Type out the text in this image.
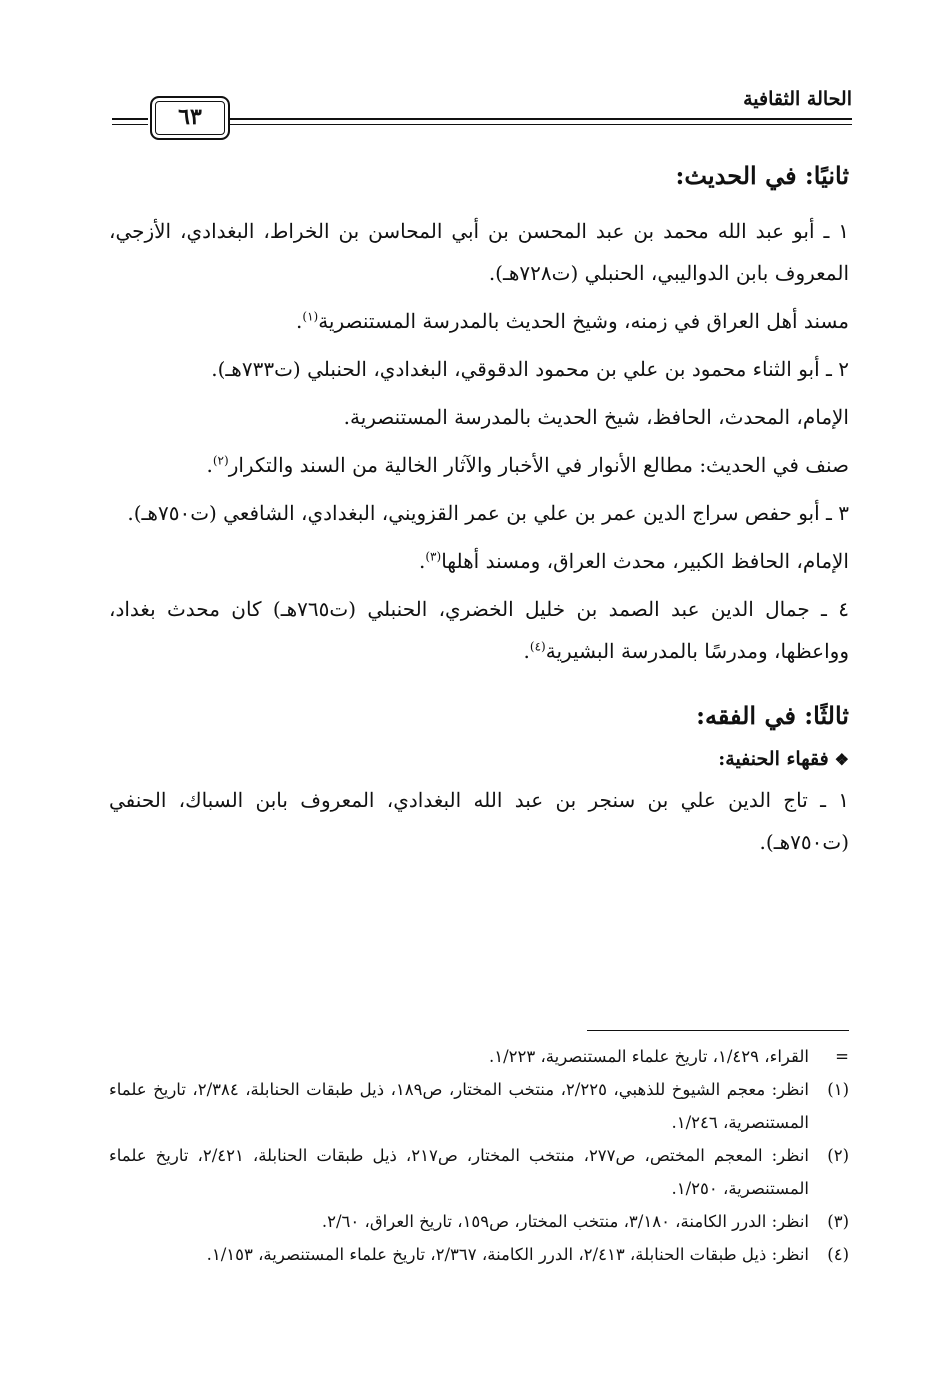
الحالة الثقافية
٦٣
ثانيًا: في الحديث:

١ ـ أبو عبد الله محمد بن عبد المحسن بن أبي المحاسن بن الخراط، البغدادي، الأزجي، المعروف بابن الدواليبي، الحنبلي (ت٧٢٨هـ).

مسند أهل العراق في زمنه، وشيخ الحديث بالمدرسة المستنصرية$^{(١)}$.

٢ ـ أبو الثناء محمود بن علي بن محمود الدقوقي، البغدادي، الحنبلي (ت٧٣٣هـ).

الإمام، المحدث، الحافظ، شيخ الحديث بالمدرسة المستنصرية.

صنف في الحديث: مطالع الأنوار في الأخبار والآثار الخالية من السند والتكرار$^{(٢)}$.

٣ ـ أبو حفص سراج الدين عمر بن علي بن عمر القزويني، البغدادي، الشافعي (ت٧٥٠هـ).

الإمام، الحافظ الكبير، محدث العراق، ومسند أهلها$^{(٣)}$.

٤ ـ جمال الدين عبد الصمد بن خليل الخضري، الحنبلي (ت٧٦٥هـ) كان محدث بغداد، وواعظها، ومدرسًا بالمدرسة البشيرية$^{(٤)}$.

ثالثًا: في الفقه:
❖فقهاء الحنفية:

١ ـ تاج الدين علي بن سنجر بن عبد الله البغدادي، المعروف بابن السباك، الحنفي (ت٧٥٠هـ).

=
القراء، ١/٤٢٩، تاريخ علماء المستنصرية، ١/٢٢٣.
(١)
انظر: معجم الشيوخ للذهبي، ٢/٢٢٥، منتخب المختار، ص١٨٩، ذيل طبقات الحنابلة، ٢/٣٨٤، تاريخ علماء المستنصرية، ١/٢٤٦.
(٢)
انظر: المعجم المختص، ص٢٧٧، منتخب المختار، ص٢١٧، ذيل طبقات الحنابلة، ٢/٤٢١، تاريخ علماء المستنصرية، ١/٢٥٠.
(٣)
انظر: الدرر الكامنة، ٣/١٨٠، منتخب المختار، ص١٥٩، تاريخ العراق، ٢/٦٠.
(٤)
انظر: ذيل طبقات الحنابلة، ٢/٤١٣، الدرر الكامنة، ٢/٣٦٧، تاريخ علماء المستنصرية، ١/١٥٣.
